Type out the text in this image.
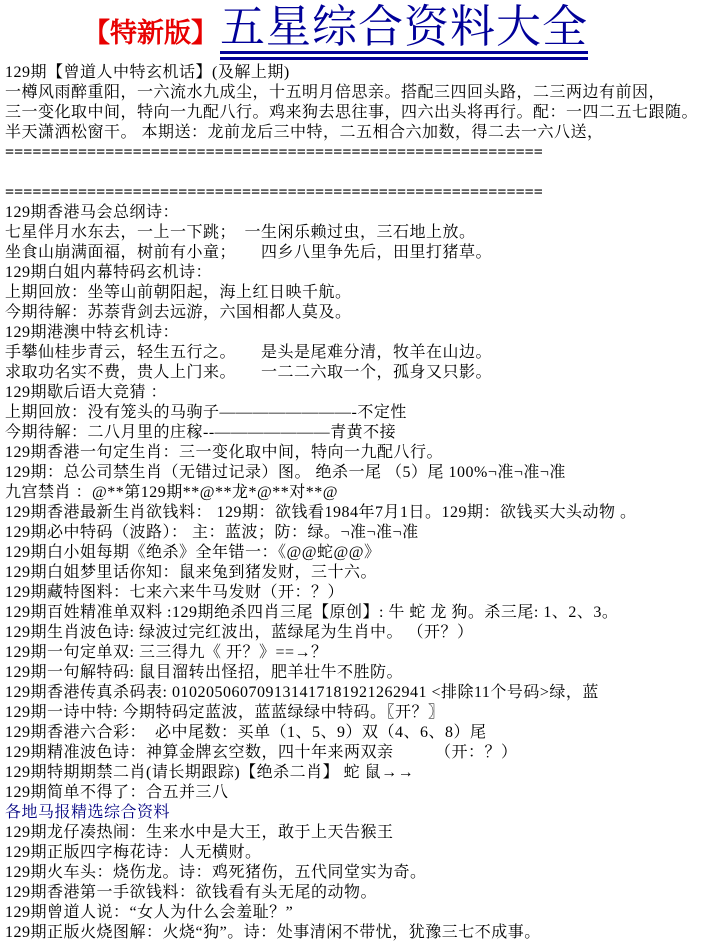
【特新版】 五星综合资料大全
129期【曾道人中特玄机话】(及解上期)
一樽风雨醉重阳，一六流水九成尘，十五明月倍思亲。搭配三四回头路，二三两边有前因，
三一变化取中间，特向一九配八行。鸡来狗去思往事，四六出头将再行。配：一四二五七跟随。
半天潇洒松窗干。 本期送：龙前龙后三中特，二五相合六加数，得二去一六八送，
===========================================================

===========================================================
129期香港马会总纲诗：
七星伴月水东去，一上一下跳；　一生闲乐赖过虫，三石地上放。
坐食山崩满面福，树前有小童；　　四乡八里争先后，田里打猪草。
129期白姐内幕特码玄机诗：
上期回放：坐等山前朝阳起，海上红日映千航。
今期待解：苏萘背剑去远游，六国相都人莫及。
129期港澳中特玄机诗：
手攀仙桂步青云，轻生五行之。　　是头是尾难分清，牧羊在山边。
求取功名实不费，贵人上门来。　　一二二六取一个，孤身又只影。
129期歇后语大竞猜 ：
上期回放：没有笼头的马驹子————————-不定性
今期待解：二八月里的庄稼--———————青黄不接
129期香港一句定生肖：三一变化取中间，特向一九配八行。
129期：总公司禁生肖（无错过记录）图。 绝杀一尾 （5）尾 100%¬准¬准¬准
九宫禁肖 ：@**第129期**@**龙*@**对**@
129期香港最新生肖欲钱料： 129期：欲钱看1984年7月1日。129期：欲钱买大头动物 。
129期必中特码（波路）： 主：蓝波；防：绿。¬准¬准¬准
129期白小姐每期《绝杀》全年错一：《@@蛇@@》
129期白姐梦里话你知：鼠来兔到猪发财，三十六。
129期藏特图料：七来六来牛马发财（开：？）
129期百姓精准单双料 :129期绝杀四肖三尾【原创】: 牛 蛇 龙 狗。杀三尾: 1、2、3。
129期生肖波色诗: 绿波过完红波出，蓝绿尾为生肖中。 （开？）
129期一句定单双: 三三得九《 开？》==→？
129期一句解特码: 鼠目溜转出怪招，肥羊壮牛不胜防。
129期香港传真杀码表: 010205060709131417181921262941 <排除11个号码>绿，蓝
129期一诗中特: 今期特码定蓝波，蓝蓝绿绿中特码。〖开？〗
129期香港六合彩：  必中尾数：买单（1、5、9）双（4、6、8）尾
129期精准波色诗：神算金牌玄空数，四十年来两双亲　　　（开：？）
129期特期期禁二肖(请长期跟踪)【绝杀二肖】 蛇 鼠→→
129期简单不得了：合五并三八
各地马报精选综合资料
129期龙仔凑热闹：生来水中是大王，敢于上天告猴王
129期正版四字梅花诗：人无横财。
129期火车头：烧伤龙。诗：鸡死猪伤，五代同堂实为奇。
129期香港第一手欲钱料：欲钱看有头无尾的动物。
129期曾道人说：“女人为什么会羞耻？”
129期正版火烧图解：火烧“狗”。诗：处事清闲不带忧，犹豫三七不成事。
